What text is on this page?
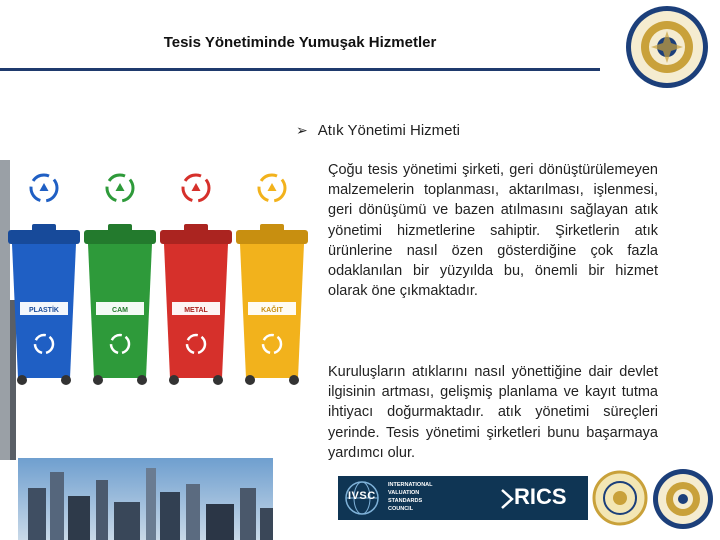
Tesis Yönetiminde Yumuşak Hizmetler
➢ Atık Yönetimi Hizmeti
Çoğu tesis yönetimi şirketi, geri dönüştürülemeyen malzemelerin toplanması, aktarılması, işlenmesi, geri dönüşümü ve bazen atılmasını sağlayan atık yönetimi hizmetlerine sahiptir. Şirketlerin atık ürünlerine nasıl özen gösterdiğine çok fazla odaklanılan bir yüzyılda bu, önemli bir hizmet olarak öne çıkmaktadır.
Kuruluşların atıklarını nasıl yönettiğine dair devlet ilgisinin artması, gelişmiş planlama ve kayıt tutma ihtiyacı doğurmaktadır. atık yönetimi süreçleri yerinde. Tesis yönetimi şirketleri bunu başarmaya yardımcı olur.
PLASTİK	CAM	METAL	KAĞIT
IVSC
INTERNATIONAL
VALUATION
STANDARDS
COUNCIL	RICS
